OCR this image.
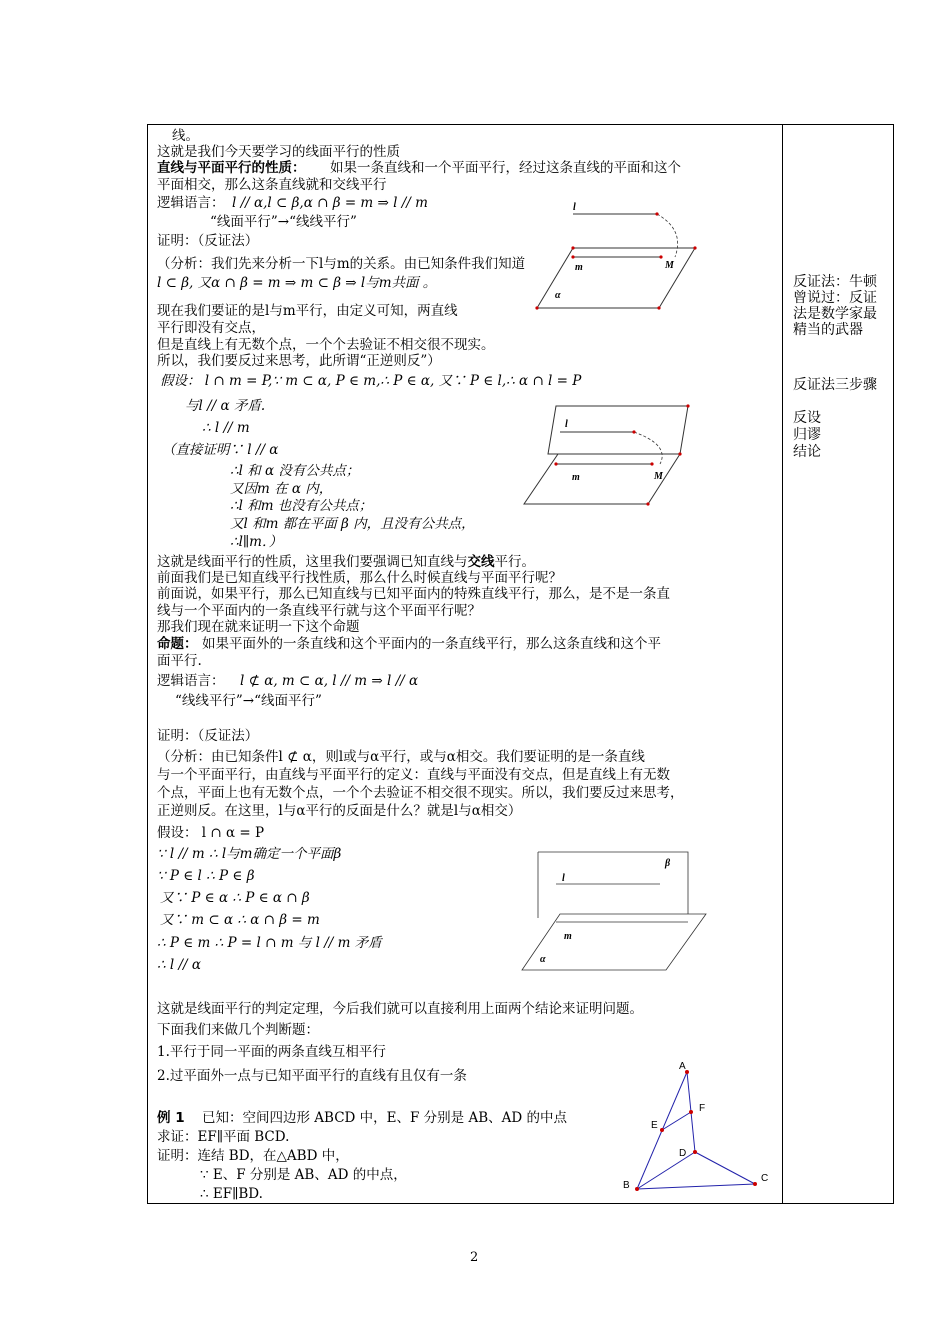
线。
这就是我们今天要学习的线面平行的性质
直线与平面平行的性质： 如果一条直线和一个平面平行，经过这条直线的平面和这个
平面相交，那么这条直线就和交线平行
逻辑语言： l // α,l ⊂ β,α ∩ β = m ⇒ l // m
“线面平行”→“线线平行”
证明：（反证法）
（分析：我们先来分析一下l与m的关系。由已知条件我们知道
l ⊂ β, 又α ∩ β = m ⇒ m ⊂ β ⇒ l与m共面 。
现在我们要证的是l与m平行，由定义可知，两直线
平行即没有交点，
但是直线上有无数个点，一个个去验证不相交很不现实。
所以，我们要反过来思考，此所谓“正逆则反”）
假设： l ∩ m = P,∵ m ⊂ α, P ∈ m,∴ P ∈ α, 又∵ P ∈ l,∴ α ∩ l = P
与l // α 矛盾.
∴ l // m
（直接证明∵ l // α
∴l 和 α 没有公共点；
又因m 在 α 内，
∴l 和m 也没有公共点；
又l 和m 都在平面 β 内，且没有公共点，
∴l∥m．）
这就是线面平行的性质，这里我们要强调已知直线与交线平行。
前面我们是已知直线平行找性质，那么什么时候直线与平面平行呢？
前面说，如果平行，那么已知直线与已知平面内的特殊直线平行，那么，是不是一条直
线与一个平面内的一条直线平行就与这个平面平行呢？
那我们现在就来证明一下这个命题
命题： 如果平面外的一条直线和这个平面内的一条直线平行，那么这条直线和这个平
面平行.
逻辑语言： l ⊄ α, m ⊂ α, l // m ⇒ l // α
“线线平行”→“线面平行”
证明：（反证法）
（分析：由已知条件l ⊄ α，则l或与α平行，或与α相交。我们要证明的是一条直线
与一个平面平行，由直线与平面平行的定义：直线与平面没有交点，但是直线上有无数
个点，平面上也有无数个点，一个个去验证不相交很不现实。所以，我们要反过来思考，
正逆则反。在这里，l与α平行的反面是什么？就是l与α相交）
假设： l ∩ α = P
∵ l // m ∴ l与m确定一个平面β
∵ P ∈ l ∴ P ∈ β
又∵ P ∈ α ∴ P ∈ α ∩ β
又∵ m ⊂ α ∴ α ∩ β = m
∴ P ∈ m ∴ P = l ∩ m 与 l // m 矛盾
∴ l // α
这就是线面平行的判定定理，今后我们就可以直接利用上面两个结论来证明问题。
下面我们来做几个判断题：
1.平行于同一平面的两条直线互相平行
2.过平面外一点与已知平面平行的直线有且仅有一条
例 1 已知：空间四边形 ABCD 中，E、F 分别是 AB、AD 的中点
求证：EF∥平面 BCD.
证明：连结 BD，在△ABD 中，
∵ E、F 分别是 AB、AD 的中点，
∴ EF∥BD.
反证法：牛顿曾说过：反证法是数学家最精当的武器
反证法三步骤
反设
归谬
结论
l
m	M
α
l
m	M
β
l
m
α
A
B
C
D
E
F
2
